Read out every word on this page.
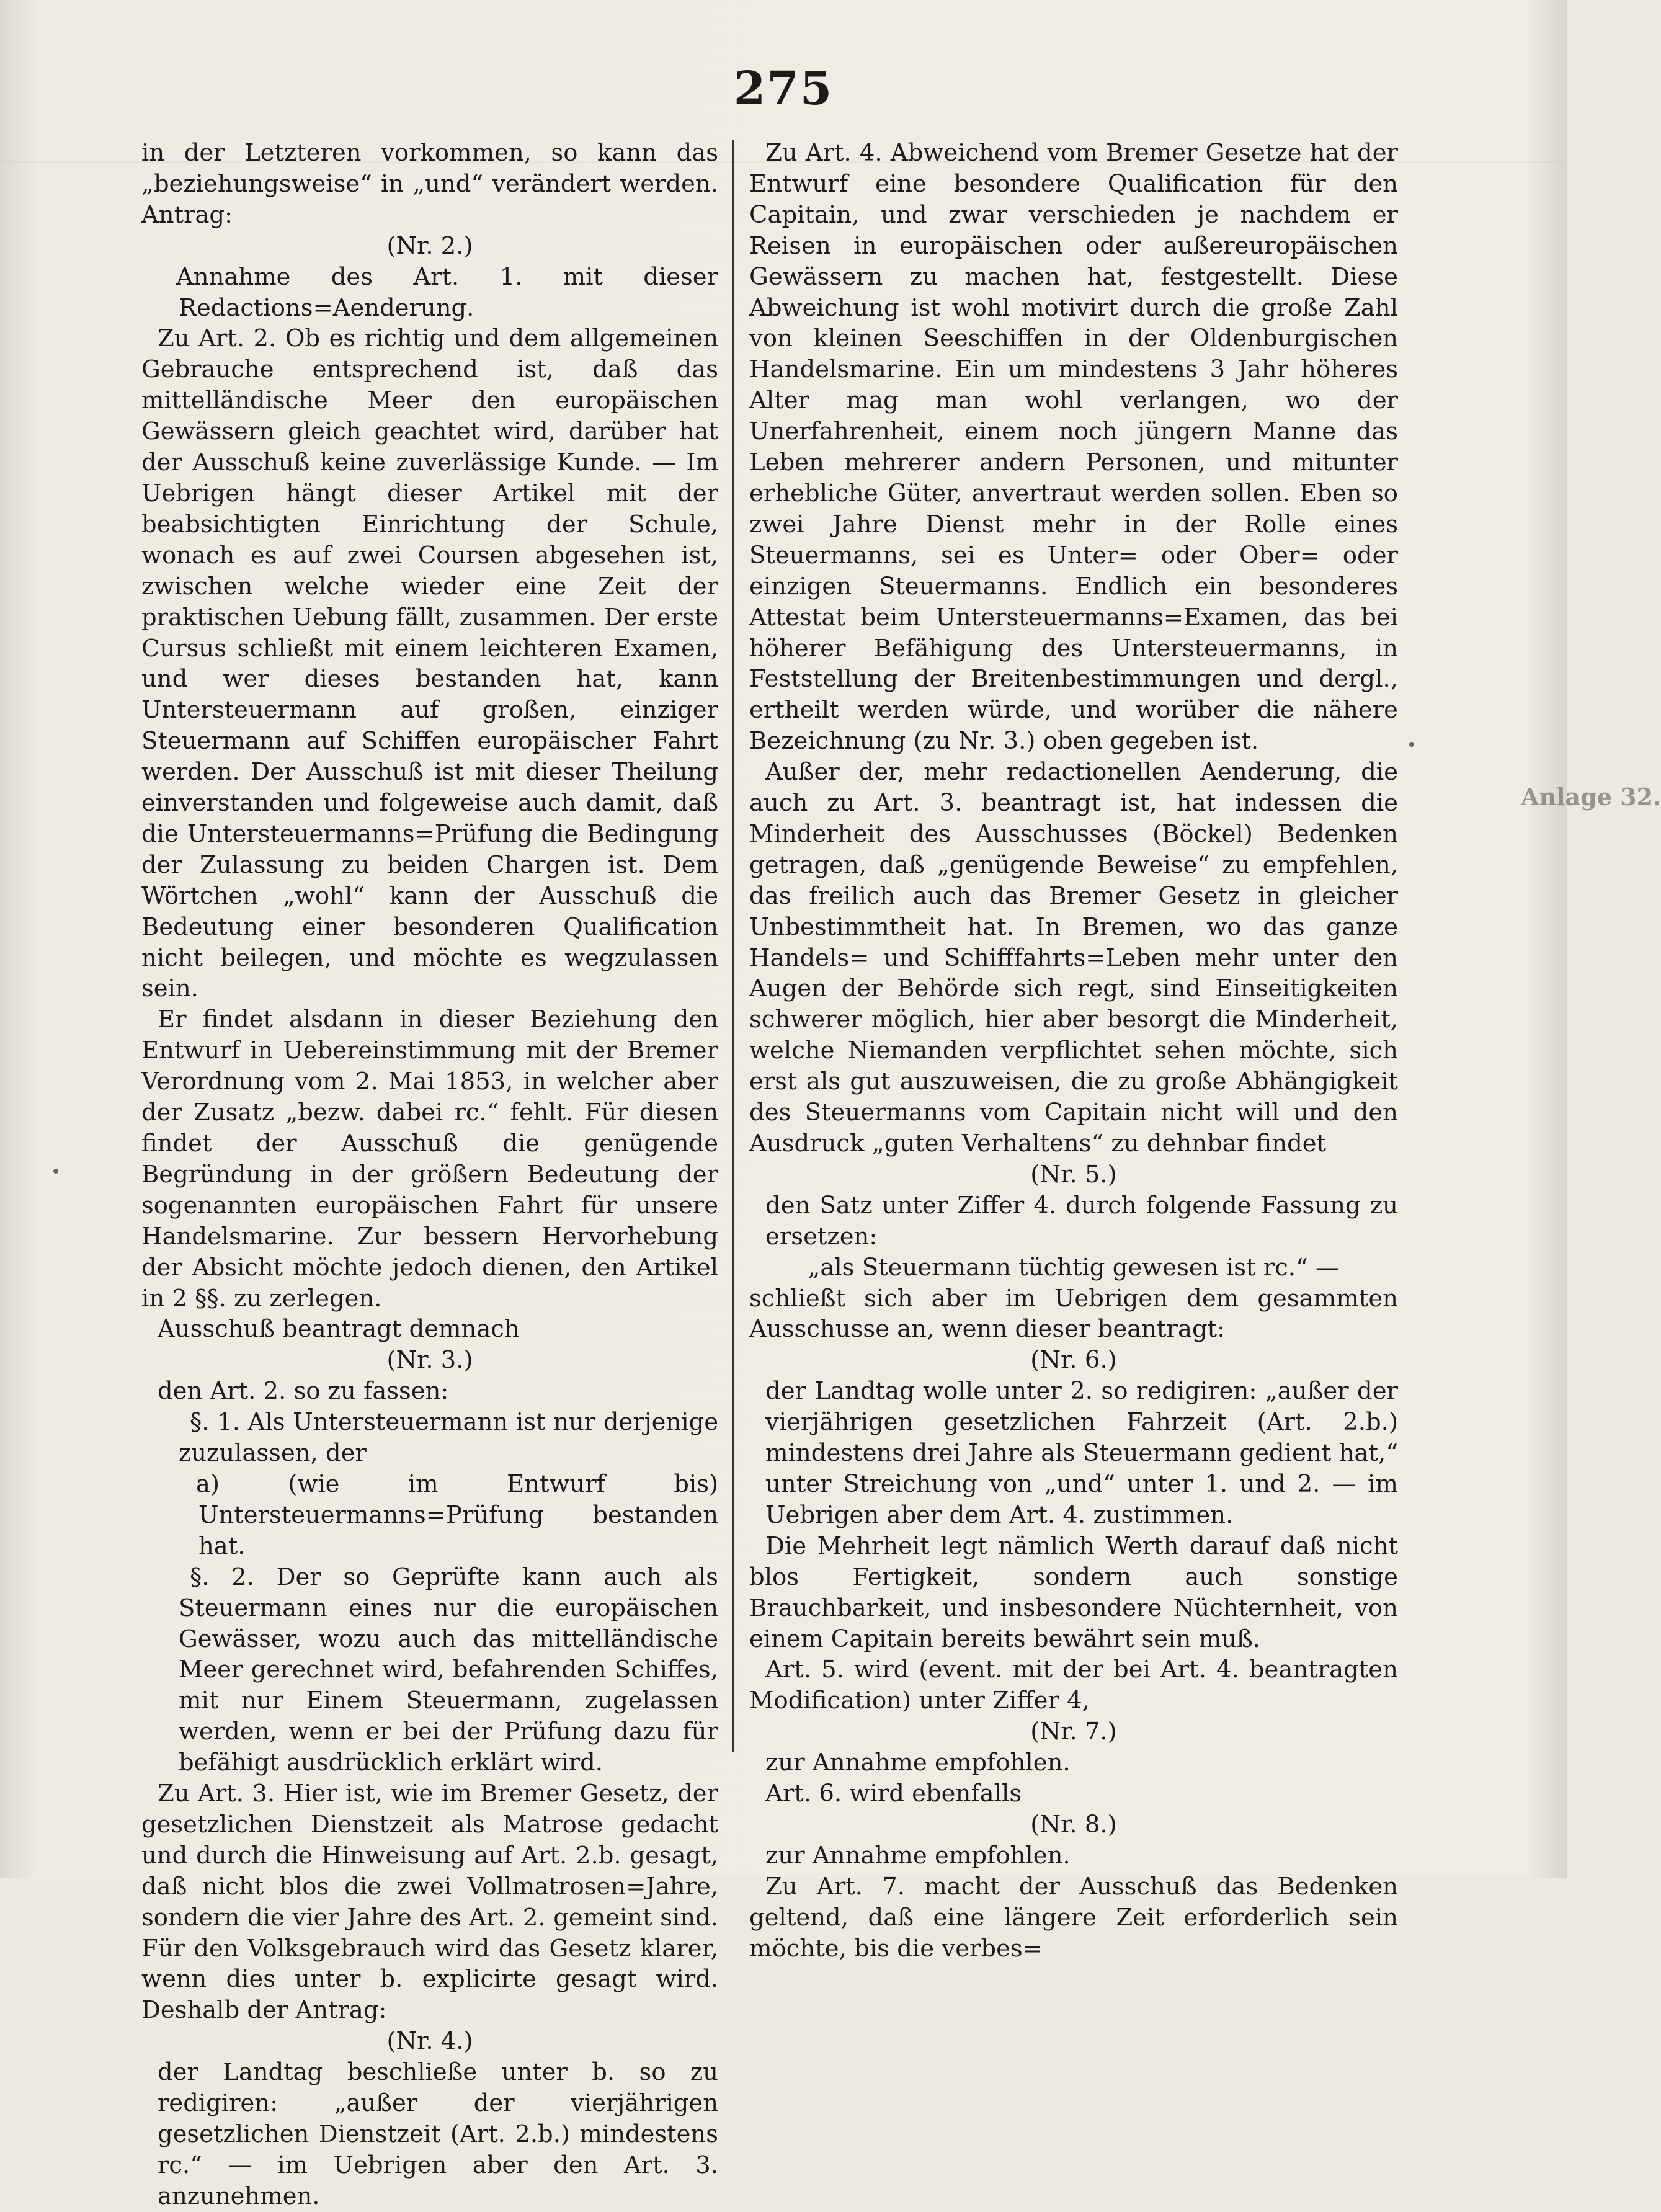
275

in der Letzteren vorkommen, so kann das „beziehungsweise“ in „und“ verändert werden. Antrag:

(Nr. 2.)

Annahme des Art. 1. mit dieser Redactions=Aenderung.

Zu Art. 2. Ob es richtig und dem allgemeinen Gebrauche entsprechend ist, daß das mittelländische Meer den europäischen Gewässern gleich geachtet wird, darüber hat der Ausschuß keine zuverlässige Kunde. — Im Uebrigen hängt dieser Artikel mit der beabsichtigten Einrichtung der Schule, wonach es auf zwei Coursen abgesehen ist, zwischen welche wieder eine Zeit der praktischen Uebung fällt, zusammen. Der erste Cursus schließt mit einem leichteren Examen, und wer dieses bestanden hat, kann Untersteuermann auf großen, einziger Steuermann auf Schiffen europäischer Fahrt werden. Der Ausschuß ist mit dieser Theilung einverstanden und folgeweise auch damit, daß die Untersteuermanns=Prüfung die Bedingung der Zulassung zu beiden Chargen ist. Dem Wörtchen „wohl“ kann der Ausschuß die Bedeutung einer besonderen Qualification nicht beilegen, und möchte es wegzulassen sein.

Er findet alsdann in dieser Beziehung den Entwurf in Uebereinstimmung mit der Bremer Verordnung vom 2. Mai 1853, in welcher aber der Zusatz „bezw. dabei rc.“ fehlt. Für diesen findet der Ausschuß die genügende Begründung in der größern Bedeutung der sogenannten europäischen Fahrt für unsere Handelsmarine. Zur bessern Hervorhebung der Absicht möchte jedoch dienen, den Artikel in 2 §§. zu zerlegen.

Ausschuß beantragt demnach

(Nr. 3.)

den Art. 2. so zu fassen:

§. 1. Als Untersteuermann ist nur derjenige zuzulassen, der

a) (wie im Entwurf bis) Untersteuermanns=Prüfung bestanden hat.

§. 2. Der so Geprüfte kann auch als Steuermann eines nur die europäischen Gewässer, wozu auch das mittelländische Meer gerechnet wird, befahrenden Schiffes, mit nur Einem Steuermann, zugelassen werden, wenn er bei der Prüfung dazu für befähigt ausdrücklich erklärt wird.

Zu Art. 3. Hier ist, wie im Bremer Gesetz, der gesetzlichen Dienstzeit als Matrose gedacht und durch die Hinweisung auf Art. 2.b. gesagt, daß nicht blos die zwei Vollmatrosen=Jahre, sondern die vier Jahre des Art. 2. gemeint sind. Für den Volksgebrauch wird das Gesetz klarer, wenn dies unter b. explicirte gesagt wird. Deshalb der Antrag:

(Nr. 4.)

der Landtag beschließe unter b. so zu redigiren: „außer der vierjährigen gesetzlichen Dienstzeit (Art. 2.b.) mindestens rc.“ — im Uebrigen aber den Art. 3. anzunehmen.

Zu Art. 4. Abweichend vom Bremer Gesetze hat der Entwurf eine besondere Qualification für den Capitain, und zwar verschieden je nachdem er Reisen in europäischen oder außereuropäischen Gewässern zu machen hat, festgestellt. Diese Abweichung ist wohl motivirt durch die große Zahl von kleinen Seeschiffen in der Oldenburgischen Handelsmarine. Ein um mindestens 3 Jahr höheres Alter mag man wohl verlangen, wo der Unerfahrenheit, einem noch jüngern Manne das Leben mehrerer andern Personen, und mitunter erhebliche Güter, anvertraut werden sollen. Eben so zwei Jahre Dienst mehr in der Rolle eines Steuermanns, sei es Unter= oder Ober= oder einzigen Steuermanns. Endlich ein besonderes Attestat beim Untersteuermanns=Examen, das bei höherer Befähigung des Untersteuermanns, in Feststellung der Breitenbestimmungen und dergl., ertheilt werden würde, und worüber die nähere Bezeichnung (zu Nr. 3.) oben gegeben ist.

Außer der, mehr redactionellen Aenderung, die auch zu Art. 3. beantragt ist, hat indessen die Minderheit des Ausschusses (Böckel) Bedenken getragen, daß „genügende Beweise“ zu empfehlen, das freilich auch das Bremer Gesetz in gleicher Unbestimmtheit hat. In Bremen, wo das ganze Handels= und Schifffahrts=Leben mehr unter den Augen der Behörde sich regt, sind Einseitigkeiten schwerer möglich, hier aber besorgt die Minderheit, welche Niemanden verpflichtet sehen möchte, sich erst als gut auszuweisen, die zu große Abhängigkeit des Steuermanns vom Capitain nicht will und den Ausdruck „guten Verhaltens“ zu dehnbar findet

(Nr. 5.)

den Satz unter Ziffer 4. durch folgende Fassung zu ersetzen:

„als Steuermann tüchtig gewesen ist rc.“ —

schließt sich aber im Uebrigen dem gesammten Ausschusse an, wenn dieser beantragt:

(Nr. 6.)

der Landtag wolle unter 2. so redigiren: „außer der vierjährigen gesetzlichen Fahrzeit (Art. 2.b.) mindestens drei Jahre als Steuermann gedient hat,“ unter Streichung von „und“ unter 1. und 2. — im Uebrigen aber dem Art. 4. zustimmen.

Die Mehrheit legt nämlich Werth darauf daß nicht blos Fertigkeit, sondern auch sonstige Brauchbarkeit, und insbesondere Nüchternheit, von einem Capitain bereits bewährt sein muß.

Art. 5. wird (event. mit der bei Art. 4. beantragten Modification) unter Ziffer 4,

(Nr. 7.)

zur Annahme empfohlen.

Art. 6. wird ebenfalls

(Nr. 8.)

zur Annahme empfohlen.

Zu Art. 7. macht der Ausschuß das Bedenken geltend, daß eine längere Zeit erforderlich sein möchte, bis die verbes=

Anlage 32.
